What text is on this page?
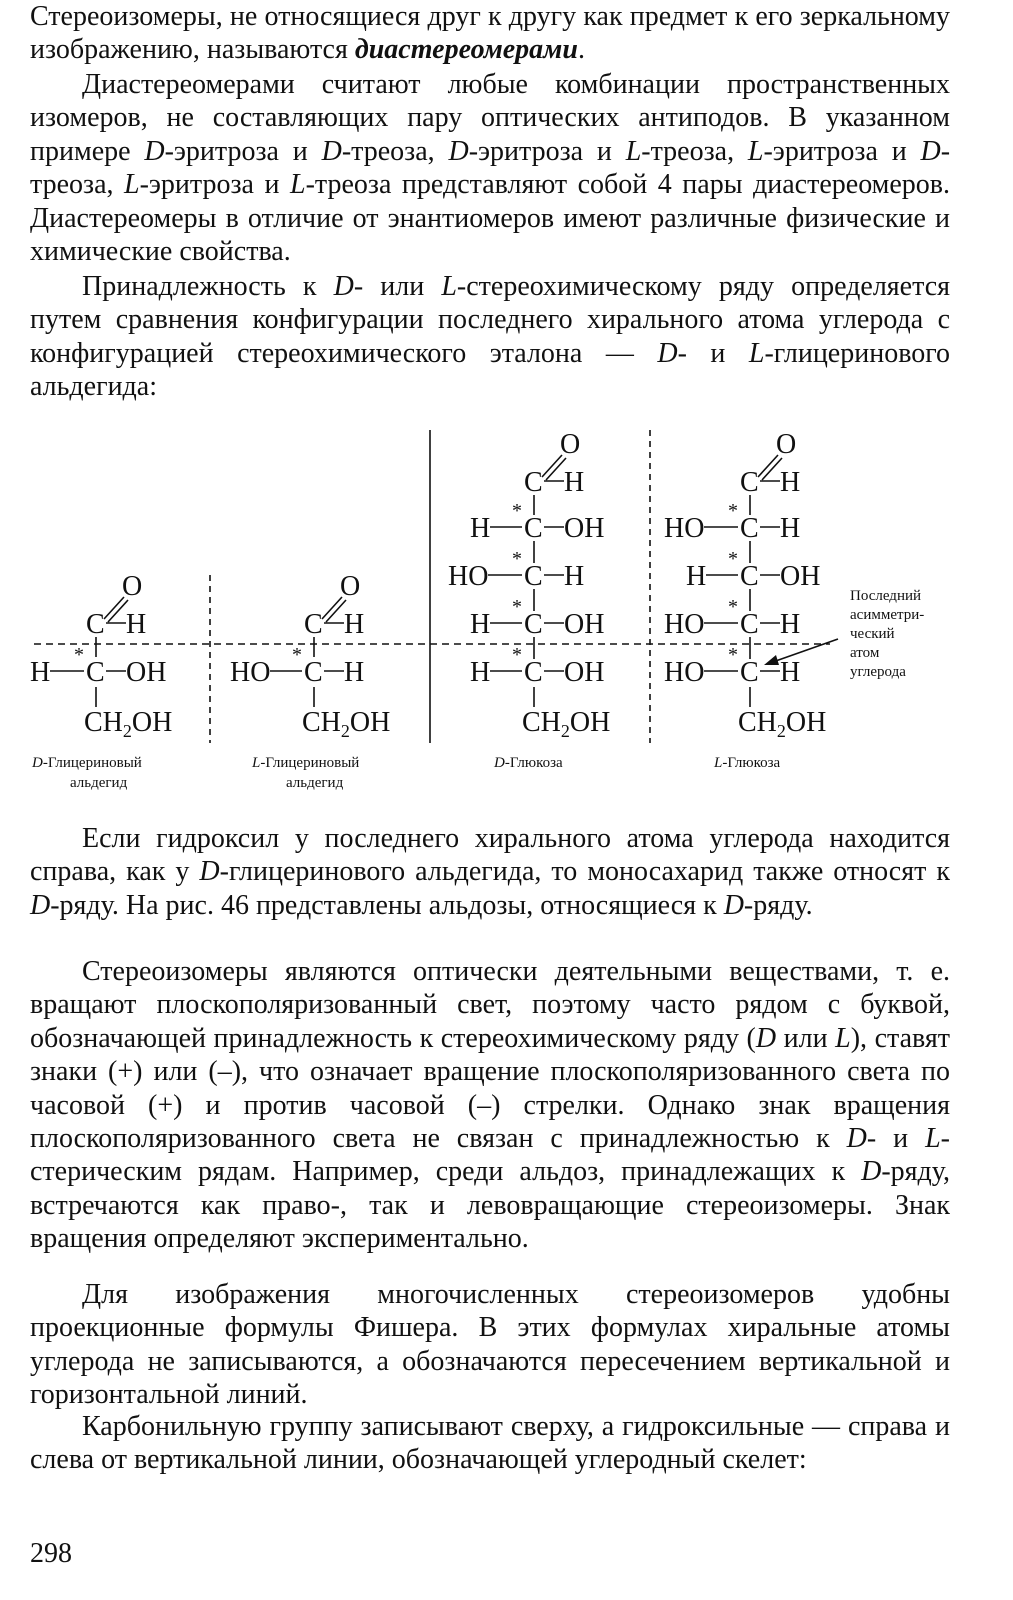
Стереоизомеры, не относящиеся друг к другу как предмет к его зеркальному изображению, называются диастереомерами.

Диастереомерами считают любые комбинации пространственных изомеров, не составляющих пару оптических антиподов. В указанном примере D-эритроза и D-треоза, D-эритроза и L-треоза, L-эритроза и D-треоза, L-эритроза и L-треоза представляют собой 4 пары диастереомеров. Диастереомеры в отличие от энантиомеров имеют различные физические и химические свойства.

Принадлежность к D- или L-стереохимическому ряду определяется путем сравнения конфигурации последнего хирального атома углерода с конфигурацией стереохимического эталона — D- и L-глицеринового альдегида:

O
C H
H
*
C OH
$CH_2OH$
O
C H
HO
*
C H
$CH_2OH$
O
C H
H
*
C OH
HO
*
C H
H
*
C OH
H
*
C OH
$CH_2OH$
O
C H
HO
*
C H
H
*
C OH
HO
*
C H
HO
*
C H
$CH_2OH$
Последний
асимметри-
ческий
атом
углерода
D-Глицериновый
альдегид
L-Глицериновый
альдегид
D-Глюкоза	L-Глюкоза

Если гидроксил у последнего хирального атома углерода находится справа, как у D-глицеринового альдегида, то моносахарид также относят к D-ряду. На рис. 46 представлены альдозы, относящиеся к D-ряду.

Стереоизомеры являются оптически деятельными веществами, т. е. вращают плоскополяризованный свет, поэтому часто рядом с буквой, обозначающей принадлежность к стереохимическому ряду (D или L), ставят знаки (+) или (–), что означает вращение плоскополяризованного света по часовой (+) и против часовой (–) стрелки. Однако знак вращения плоскополяризованного света не связан с принадлежностью к D- и L-стерическим рядам. Например, среди альдоз, принадлежащих к D-ряду, встречаются как право-, так и левовращающие стереоизомеры. Знак вращения определяют экспериментально.

Для изображения многочисленных стереоизомеров удобны проекционные формулы Фишера. В этих формулах хиральные атомы углерода не записываются, а обозначаются пересечением вертикальной и горизонтальной линий.

Карбонильную группу записывают сверху, а гидроксильные — справа и слева от вертикальной линии, обозначающей углеродный скелет:

298
